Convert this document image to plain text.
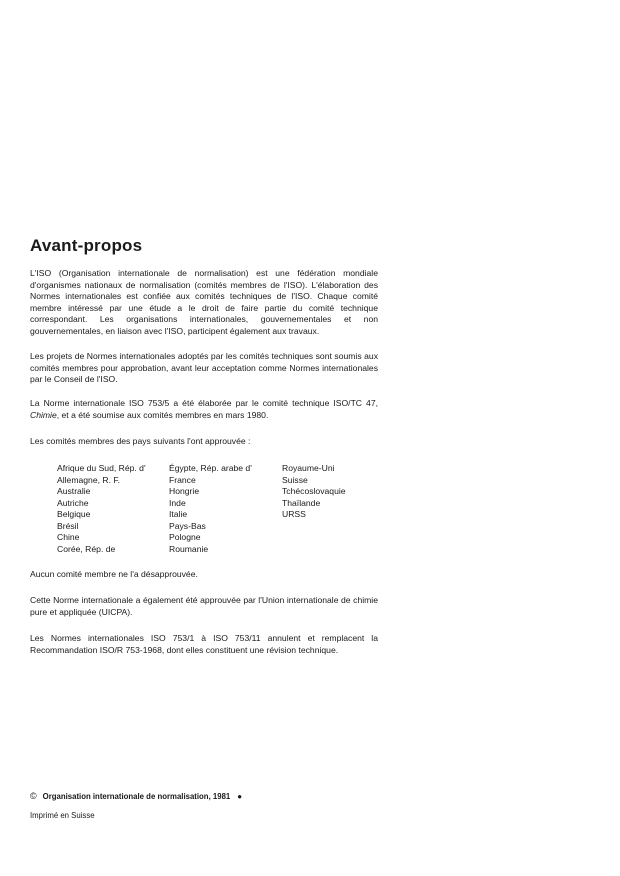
Avant-propos

L'ISO (Organisation internationale de normalisation) est une fédération mondiale d'organismes nationaux de normalisation (comités membres de l'ISO). L'élaboration des Normes internationales est confiée aux comités techniques de l'ISO. Chaque comité membre intéressé par une étude a le droit de faire partie du comité technique correspondant. Les organisations internationales, gouvernementales et non gouvernementales, en liaison avec l'ISO, participent également aux travaux.

Les projets de Normes internationales adoptés par les comités techniques sont soumis aux comités membres pour approbation, avant leur acceptation comme Normes internationales par le Conseil de l'ISO.

La Norme internationale ISO 753/5 a été élaborée par le comité technique ISO/TC 47, Chimie, et a été soumise aux comités membres en mars 1980.

Les comités membres des pays suivants l'ont approuvée :

Afrique du Sud, Rép. d'
Allemagne, R. F.
Australie
Autriche
Belgique
Brésil
Chine
Corée, Rép. de
Égypte, Rép. arabe d'
France
Hongrie
Inde
Italie
Pays-Bas
Pologne
Roumanie
Royaume-Uni
Suisse
Tchécoslovaquie
Thaïlande
URSS

Aucun comité membre ne l'a désapprouvée.

Cette Norme internationale a également été approuvée par l'Union internationale de chimie pure et appliquée (UICPA).

Les Normes internationales ISO 753/1 à ISO 753/11 annulent et remplacent la Recommandation ISO/R 753-1968, dont elles constituent une révision technique.

© Organisation internationale de normalisation, 1981 ●
Imprimé en Suisse
